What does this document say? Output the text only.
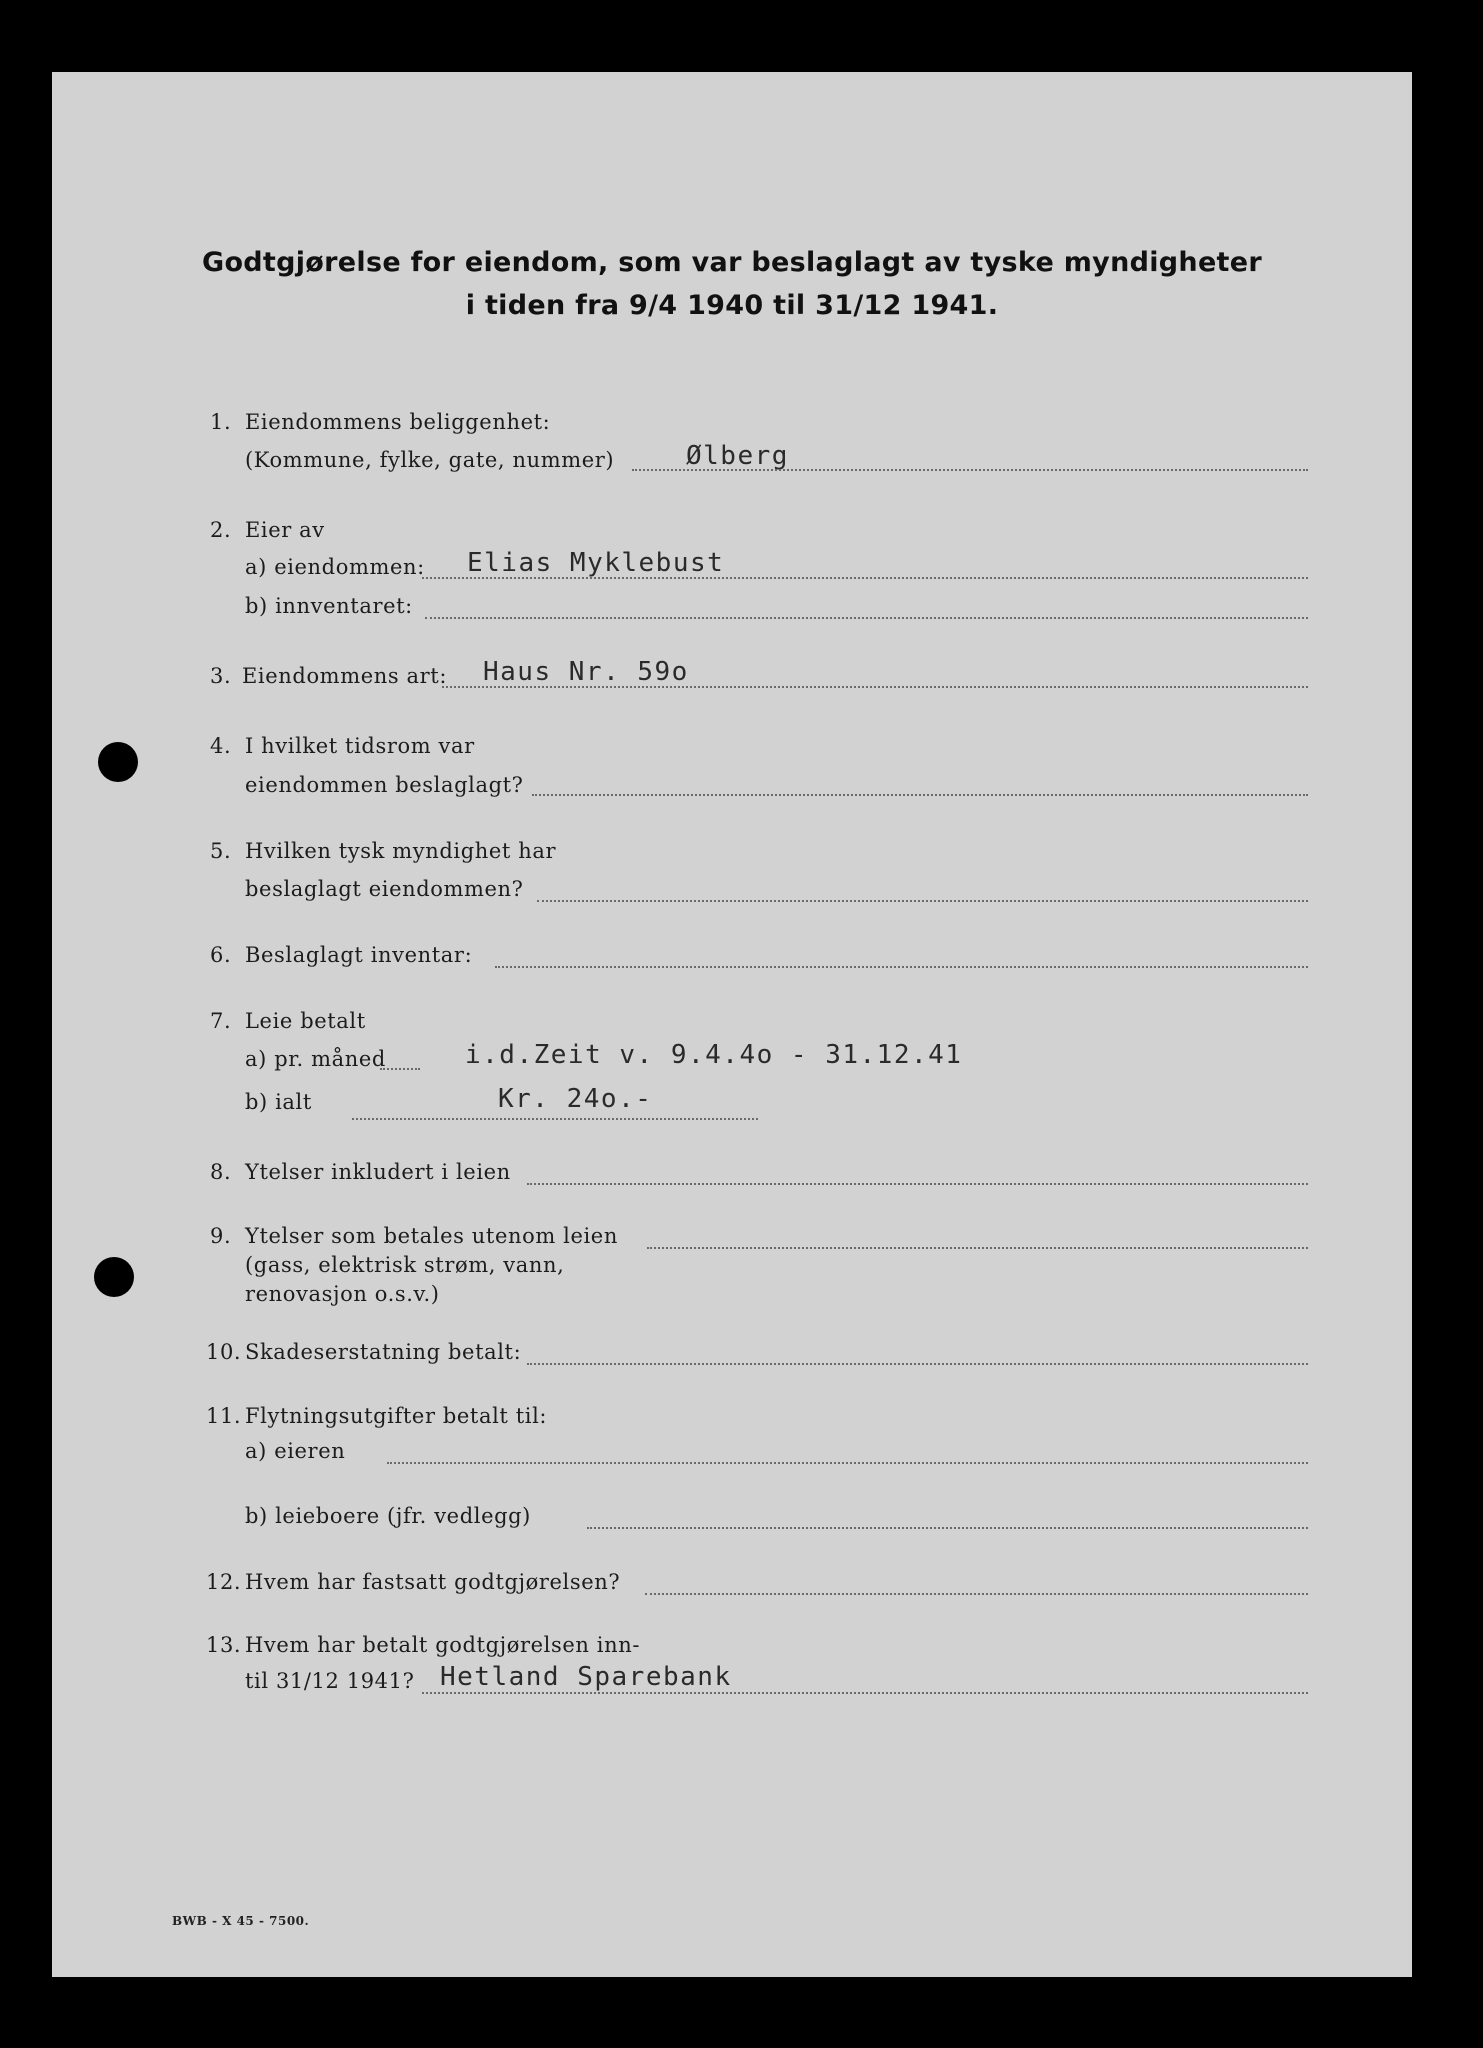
Godtgjørelse for eiendom, som var beslaglagt av tyske myndigheter
i tiden fra 9/4 1940 til 31/12 1941.
1. Eiendommens beliggenhet:
(Kommune, fylke, gate, nummer)	Ølberg
2. Eier av
a) eiendommen: Elias Myklebust
b) innventaret:
3. Eiendommens art: Haus Nr. 59o
4. I hvilket tidsrom var
eiendommen beslaglagt?
5. Hvilken tysk myndighet har
beslaglagt eiendommen?
6. Beslaglagt inventar:
7. Leie betalt
a) pr. måned	i.d.Zeit v. 9.4.4o - 31.12.41
b) ialt	Kr. 24o.-
8. Ytelser inkludert i leien
9. Ytelser som betales utenom leien
(gass, elektrisk strøm, vann,
renovasjon o.s.v.)
10. Skadeserstatning betalt:
11. Flytningsutgifter betalt til:
a) eieren
b) leieboere (jfr. vedlegg)
12. Hvem har fastsatt godtgjørelsen?
13. Hvem har betalt godtgjørelsen inn-
til 31/12 1941? Hetland Sparebank
BWB - X 45 - 7500.
